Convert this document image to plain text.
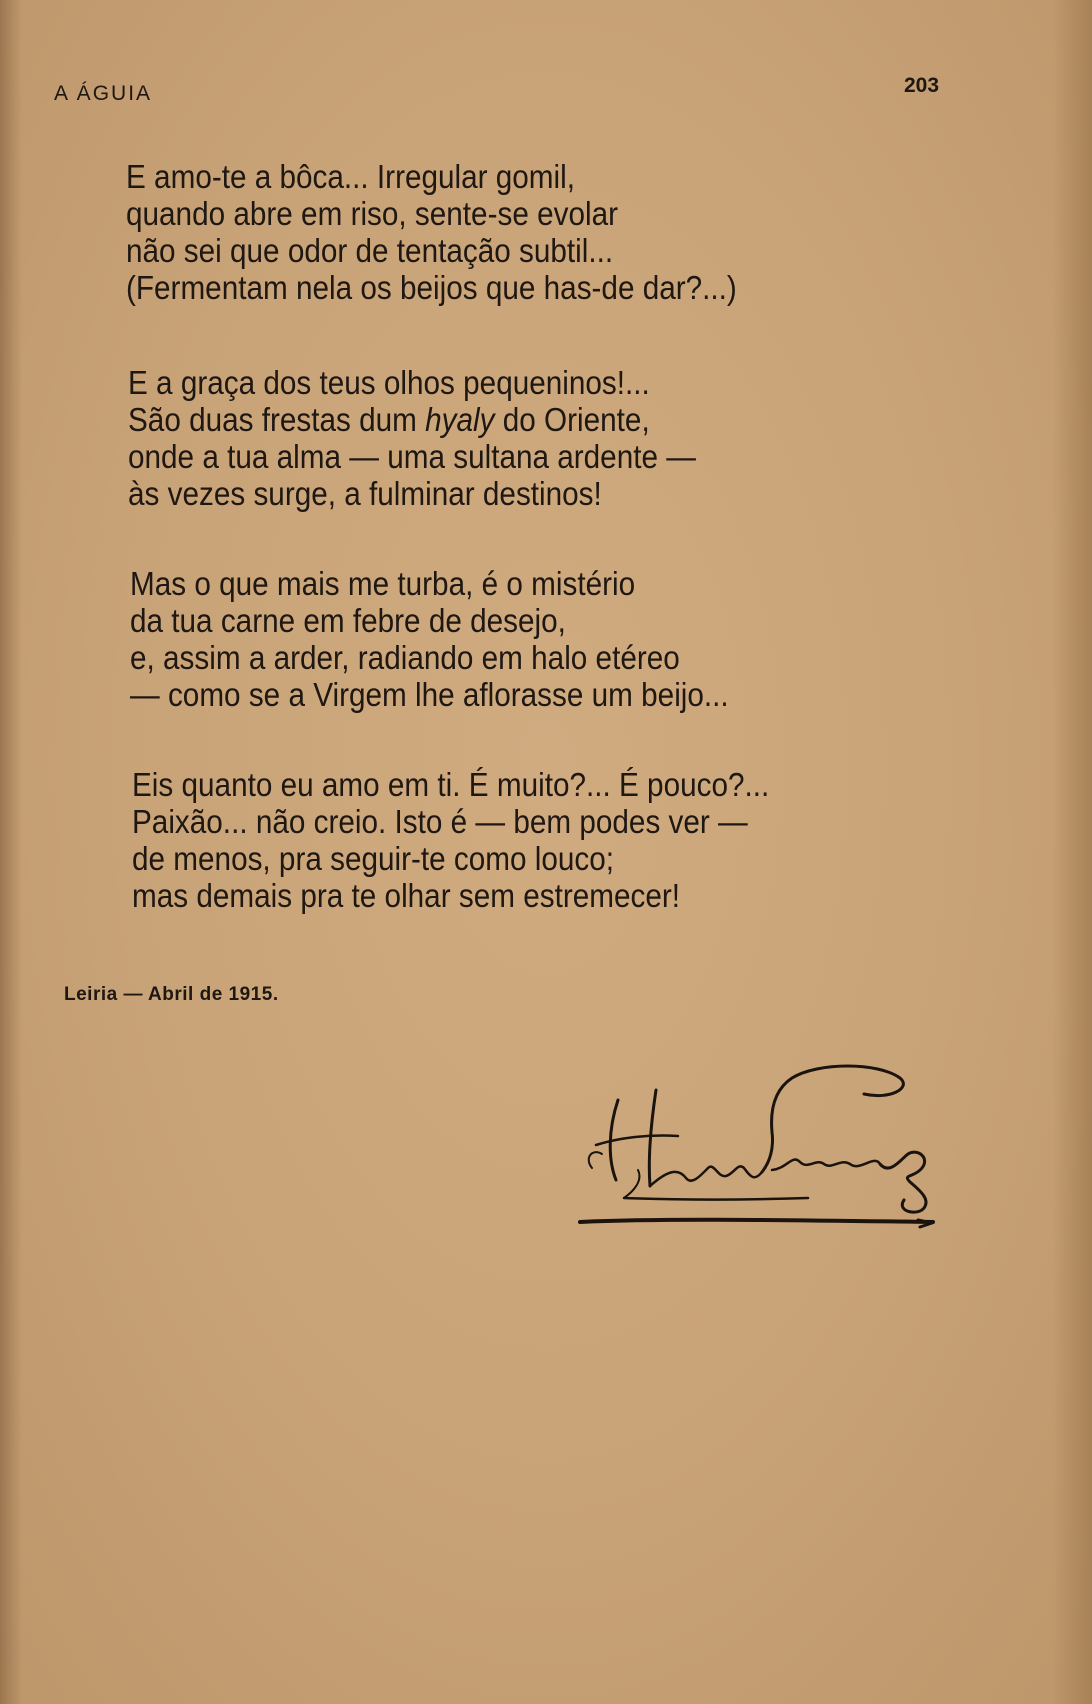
A ÁGUIA	203
E amo-te a bôca... Irregular gomil,
quando abre em riso, sente-se evolar
não sei que odor de tentação subtil...
(Fermentam nela os beijos que has-de dar?...)
E a graça dos teus olhos pequeninos!...
São duas frestas dum hyaly do Oriente,
onde a tua alma — uma sultana ardente —
às vezes surge, a fulminar destinos!
Mas o que mais me turba, é o mistério
da tua carne em febre de desejo,
e, assim a arder, radiando em halo etéreo
— como se a Virgem lhe aflorasse um beijo...
Eis quanto eu amo em ti. É muito?... É pouco?...
Paixão... não creio. Isto é — bem podes ver —
de menos, pra seguir-te como louco;
mas demais pra te olhar sem estremecer!
Leiria — Abril de 1915.
